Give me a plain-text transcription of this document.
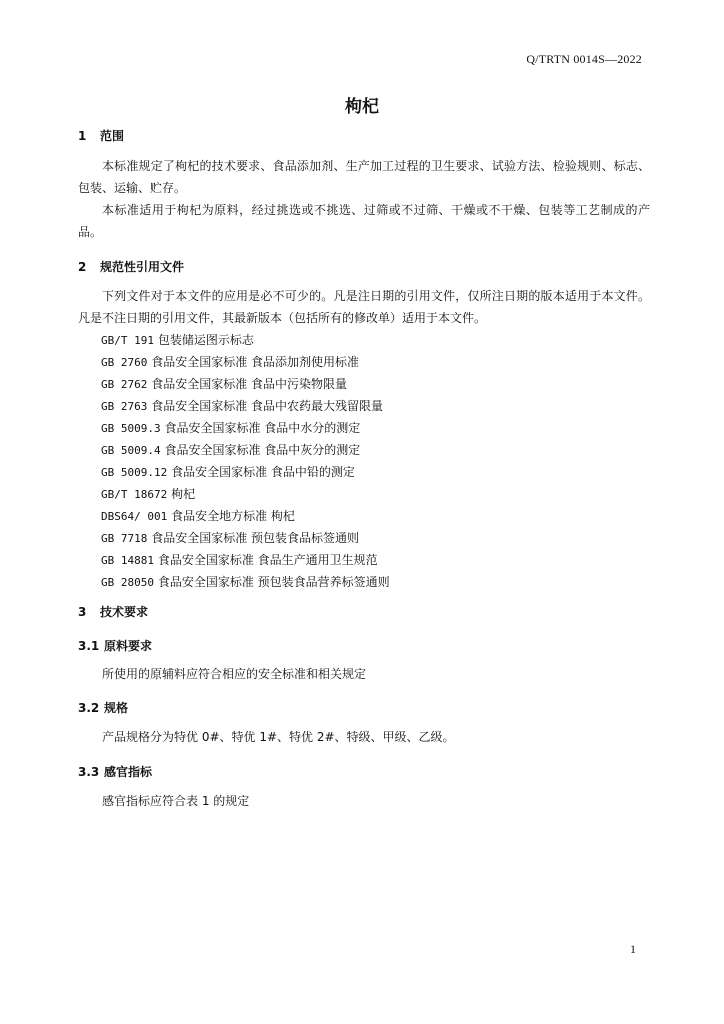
Q/TRTN 0014S—2022
枸杞
1 范围
本标准规定了枸杞的技术要求、食品添加剂、生产加工过程的卫生要求、试验方法、检验规则、标志、包装、运输、贮存。
本标准适用于枸杞为原料，经过挑选或不挑选、过筛或不过筛、干燥或不干燥、包装等工艺制成的产品。
2 规范性引用文件
下列文件对于本文件的应用是必不可少的。凡是注日期的引用文件，仅所注日期的版本适用于本文件。凡是不注日期的引用文件，其最新版本（包括所有的修改单）适用于本文件。
GB/T 191 包装储运图示标志
GB 2760 食品安全国家标准 食品添加剂使用标准
GB 2762 食品安全国家标准 食品中污染物限量
GB 2763 食品安全国家标准 食品中农药最大残留限量
GB 5009.3 食品安全国家标准 食品中水分的测定
GB 5009.4 食品安全国家标准 食品中灰分的测定
GB 5009.12 食品安全国家标准 食品中铅的测定
GB/T 18672 枸杞
DBS64/ 001 食品安全地方标准 枸杞
GB 7718 食品安全国家标准 预包装食品标签通则
GB 14881 食品安全国家标准 食品生产通用卫生规范
GB 28050 食品安全国家标准 预包装食品营养标签通则
3 技术要求
3.1 原料要求
所使用的原辅料应符合相应的安全标准和相关规定
3.2 规格
产品规格分为特优 0#、特优 1#、特优 2#、特级、甲级、乙级。
3.3 感官指标
感官指标应符合表 1 的规定
1
